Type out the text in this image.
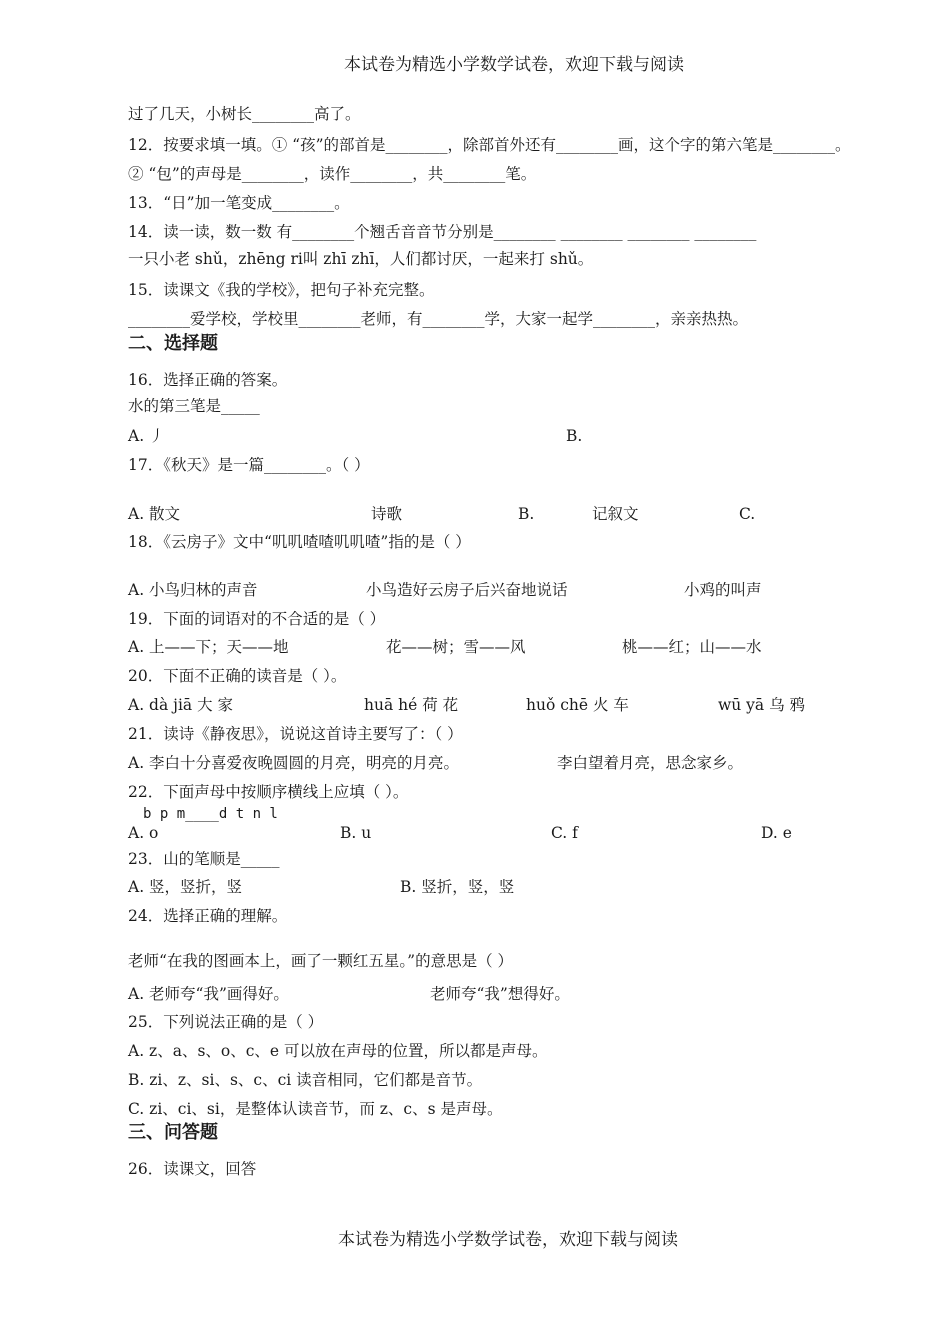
本试卷为精选小学数学试卷，欢迎下载与阅读
过了几天，小树长________高了。
12．按要求填一填。① “孩”的部首是________，除部首外还有________画，这个字的第六笔是________。
② “包”的声母是________，读作________，共________笔。
13．“日”加一笔变成________。
14．读一读，数一数 有________个翘舌音音节分别是________ ________ ________ ________
一只小老 shǔ，zhēng ri叫 zhī zhī，人们都讨厌，一起来打 shǔ。
15．读课文《我的学校》，把句子补充完整。
________爱学校，学校里________老师，有________学，大家一起学________，亲亲热热。
二、选择题
16．选择正确的答案。
水的第三笔是_____
A. 丿	B.
17．《秋天》是一篇________。（ ）
A. 散文	诗歌	B.	记叙文	C.
18．《云房子》文中“叽叽喳喳叽叽喳”指的是（ ）
A. 小鸟归林的声音	小鸟造好云房子后兴奋地说话	小鸡的叫声
19．下面的词语对的不合适的是（ ）
A. 上——下；天——地	花——树；雪——风	桃——红；山——水
20．下面不正确的读音是（ ）。
A. dà jiā 大 家	huā hé 荷 花	huǒ chē 火 车	wū yā 乌 鸦
21．读诗《静夜思》，说说这首诗主要写了：（ ）
A. 李白十分喜爱夜晚圆圆的月亮，明亮的月亮。	李白望着月亮，思念家乡。
22．下面声母中按顺序横线上应填（ ）。
b p m____d t n l
A. o	B. u	C. f	D. e
23．山的笔顺是_____
A. 竖，竖折，竖	B. 竖折，竖，竖
24．选择正确的理解。
老师“在我的图画本上，画了一颗红五星。”的意思是（ ）
A. 老师夸“我”画得好。	老师夸“我”想得好。
25．下列说法正确的是（ ）
A. z、a、s、o、c、e 可以放在声母的位置，所以都是声母。
B. zi、z、si、s、c、ci 读音相同，它们都是音节。
C. zi、ci、si，是整体认读音节，而 z、c、s 是声母。
三、问答题
26．读课文，回答
本试卷为精选小学数学试卷，欢迎下载与阅读
